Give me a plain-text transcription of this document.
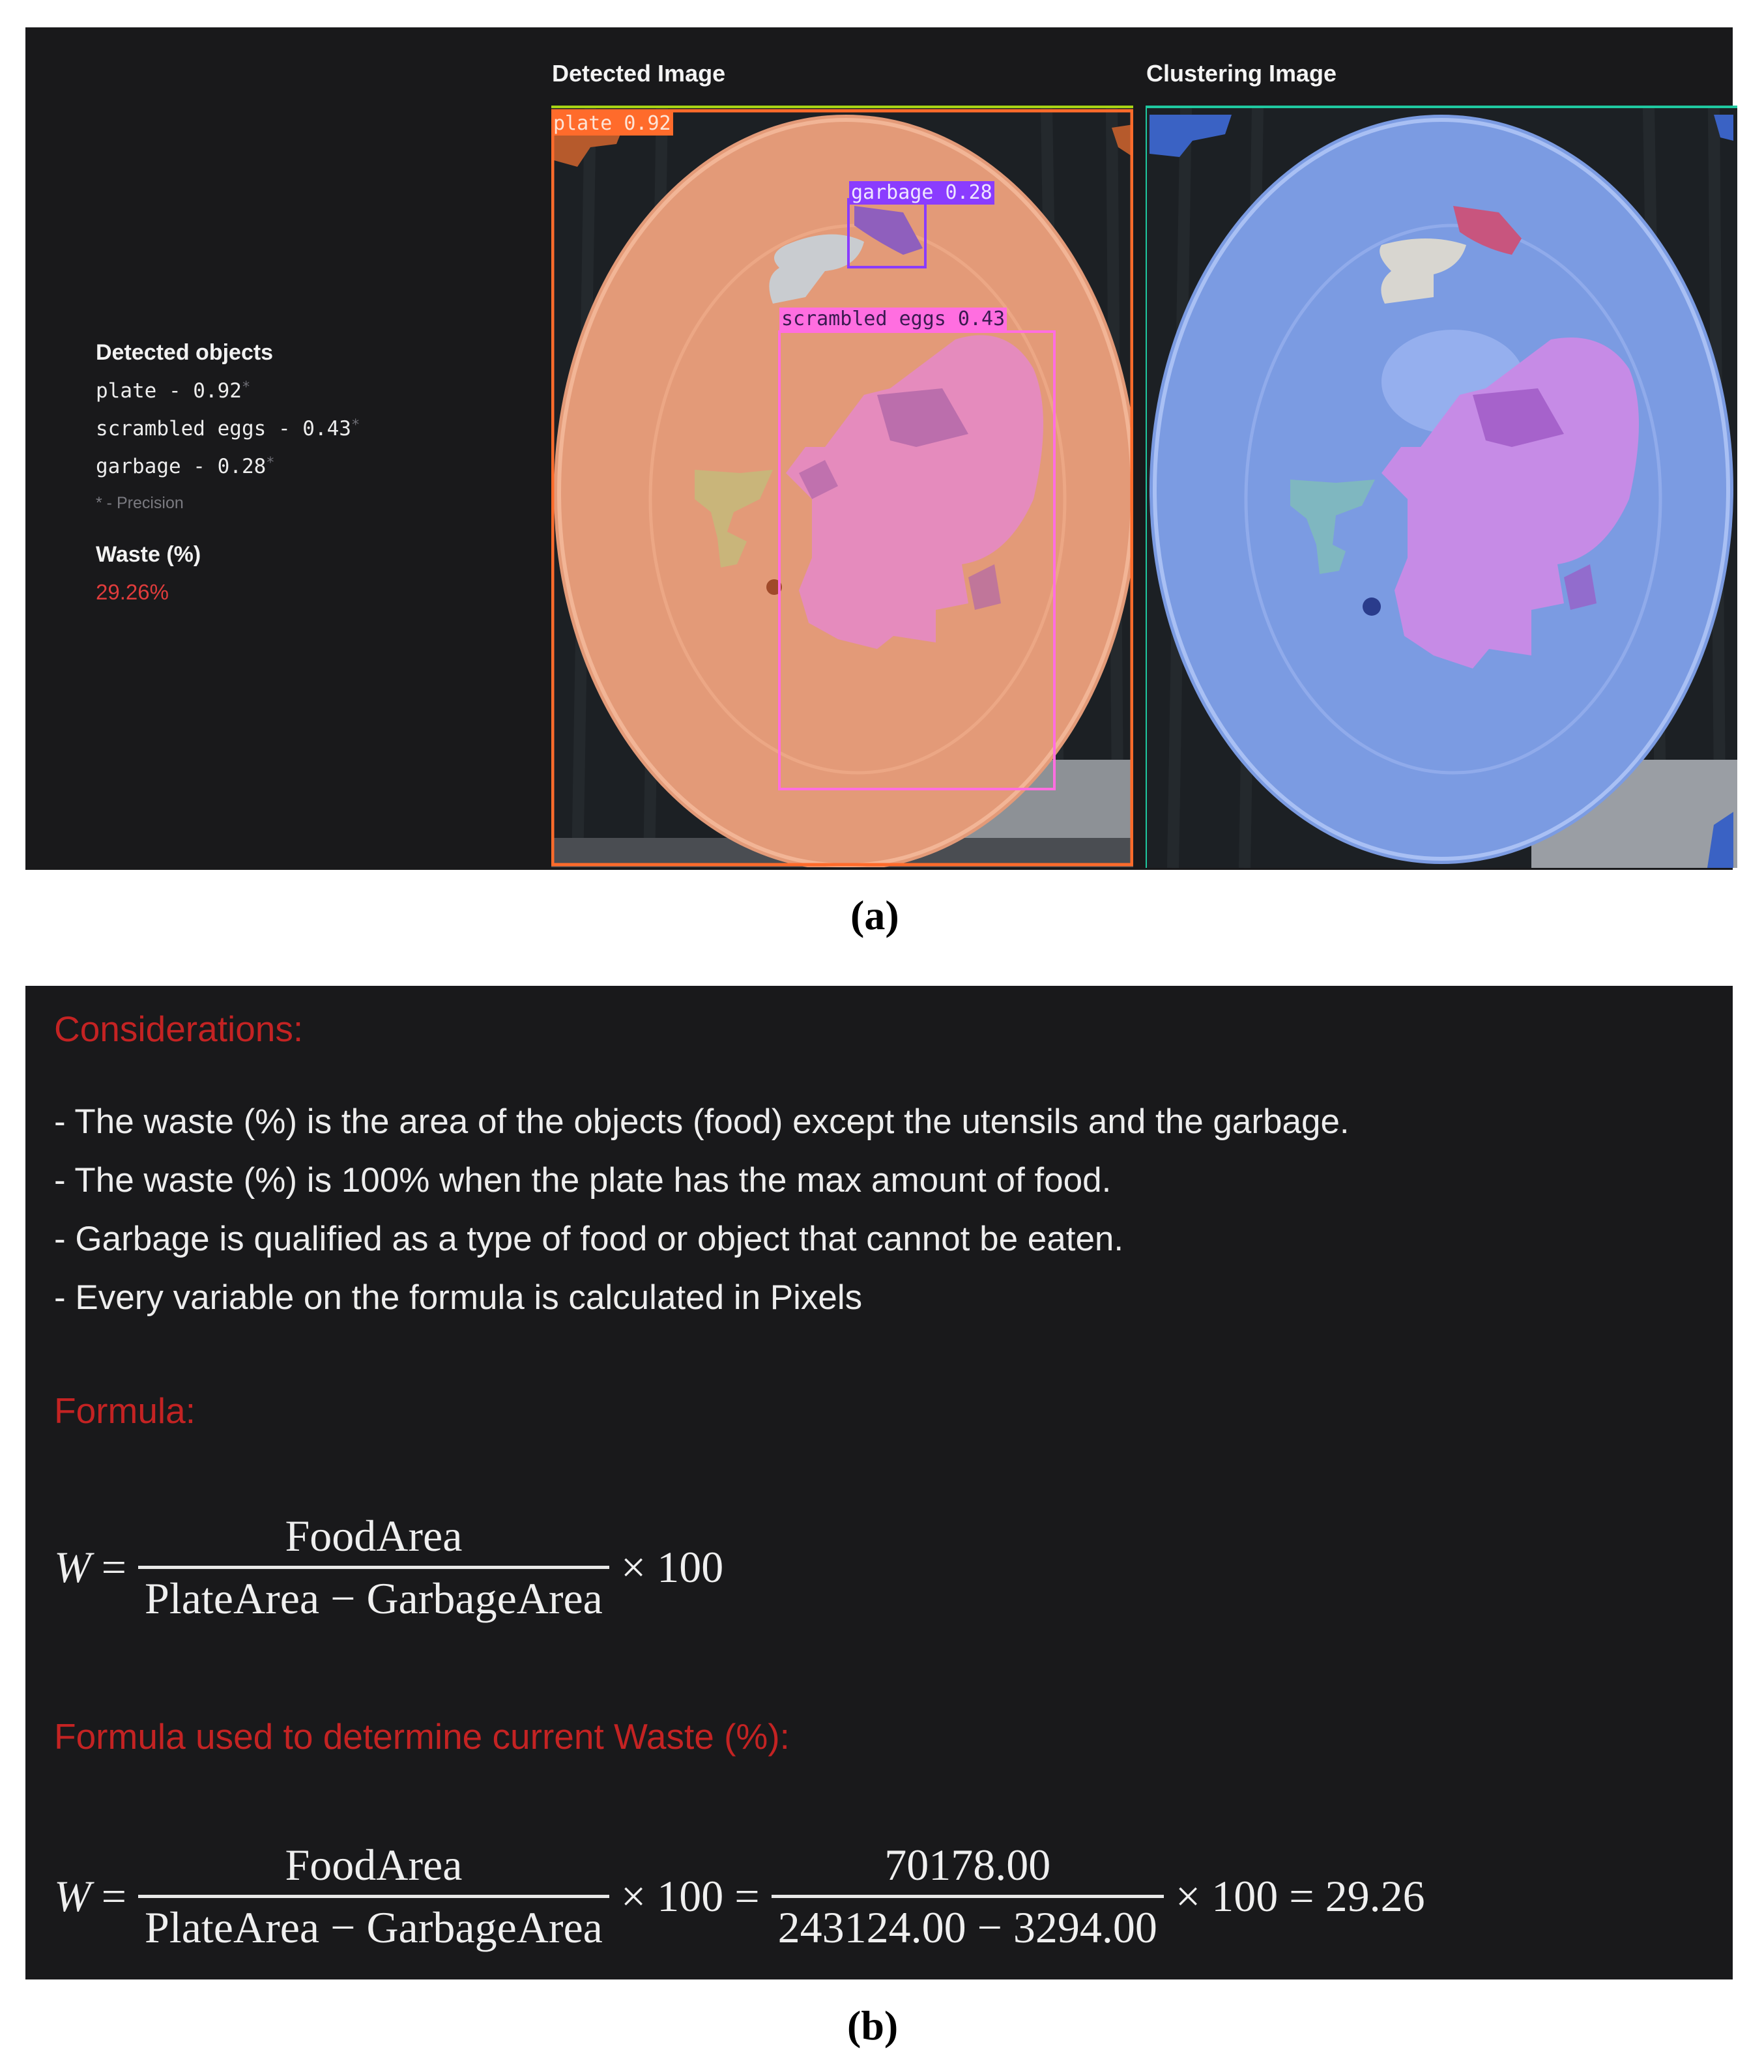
Detected objects
plate - 0.92*
scrambled eggs - 0.43*
garbage - 0.28*
* - Precision
Waste (%)
29.26%
Detected Image
plate 0.92
garbage 0.28
scrambled eggs 0.43
Clustering Image
(a)
Considerations:
- The waste (%) is the area of the objects (food) except the utensils and the garbage.
- The waste (%) is 100% when the plate has the max amount of food.
- Garbage is qualified as a type of food or object that cannot be eaten.
- Every variable on the formula is calculated in Pixels
Formula:
$W = \frac{\text{FoodArea}}{\text{PlateArea − GarbageArea}} \times 100$
Formula used to determine current Waste (%):
$W = \frac{\text{FoodArea}}{\text{PlateArea − GarbageArea}} \times 100 = \frac{70178.00}{243124.00 - 3294.00} \times 100 = 29.26$
(b)
